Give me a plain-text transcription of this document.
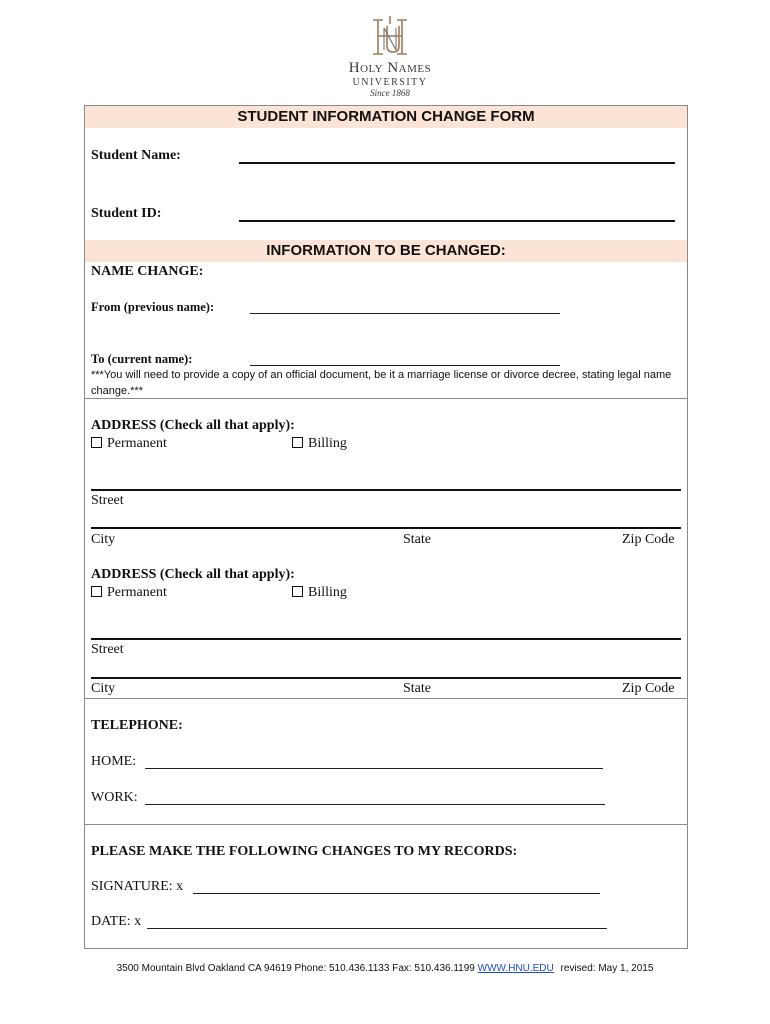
Holy Names
UNIVERSITY
Since 1868
STUDENT INFORMATION CHANGE FORM
Student Name:
Student ID:
INFORMATION TO BE CHANGED:
NAME CHANGE:
From (previous name):
To (current name):
***You will need to provide a copy of an official document, be it a marriage license or divorce decree, stating legal name change.***
ADDRESS (Check all that apply):
Permanent	Billing
Street
City	State	Zip Code
ADDRESS (Check all that apply):
Permanent	Billing
Street
City	State	Zip Code
TELEPHONE:
HOME:
WORK:
PLEASE MAKE THE FOLLOWING CHANGES TO MY RECORDS:
SIGNATURE: x
DATE: x
3500 Mountain Blvd Oakland CA 94619 Phone: 510.436.1133 Fax: 510.436.1199 WWW.HNU.EDU revised: May 1, 2015
